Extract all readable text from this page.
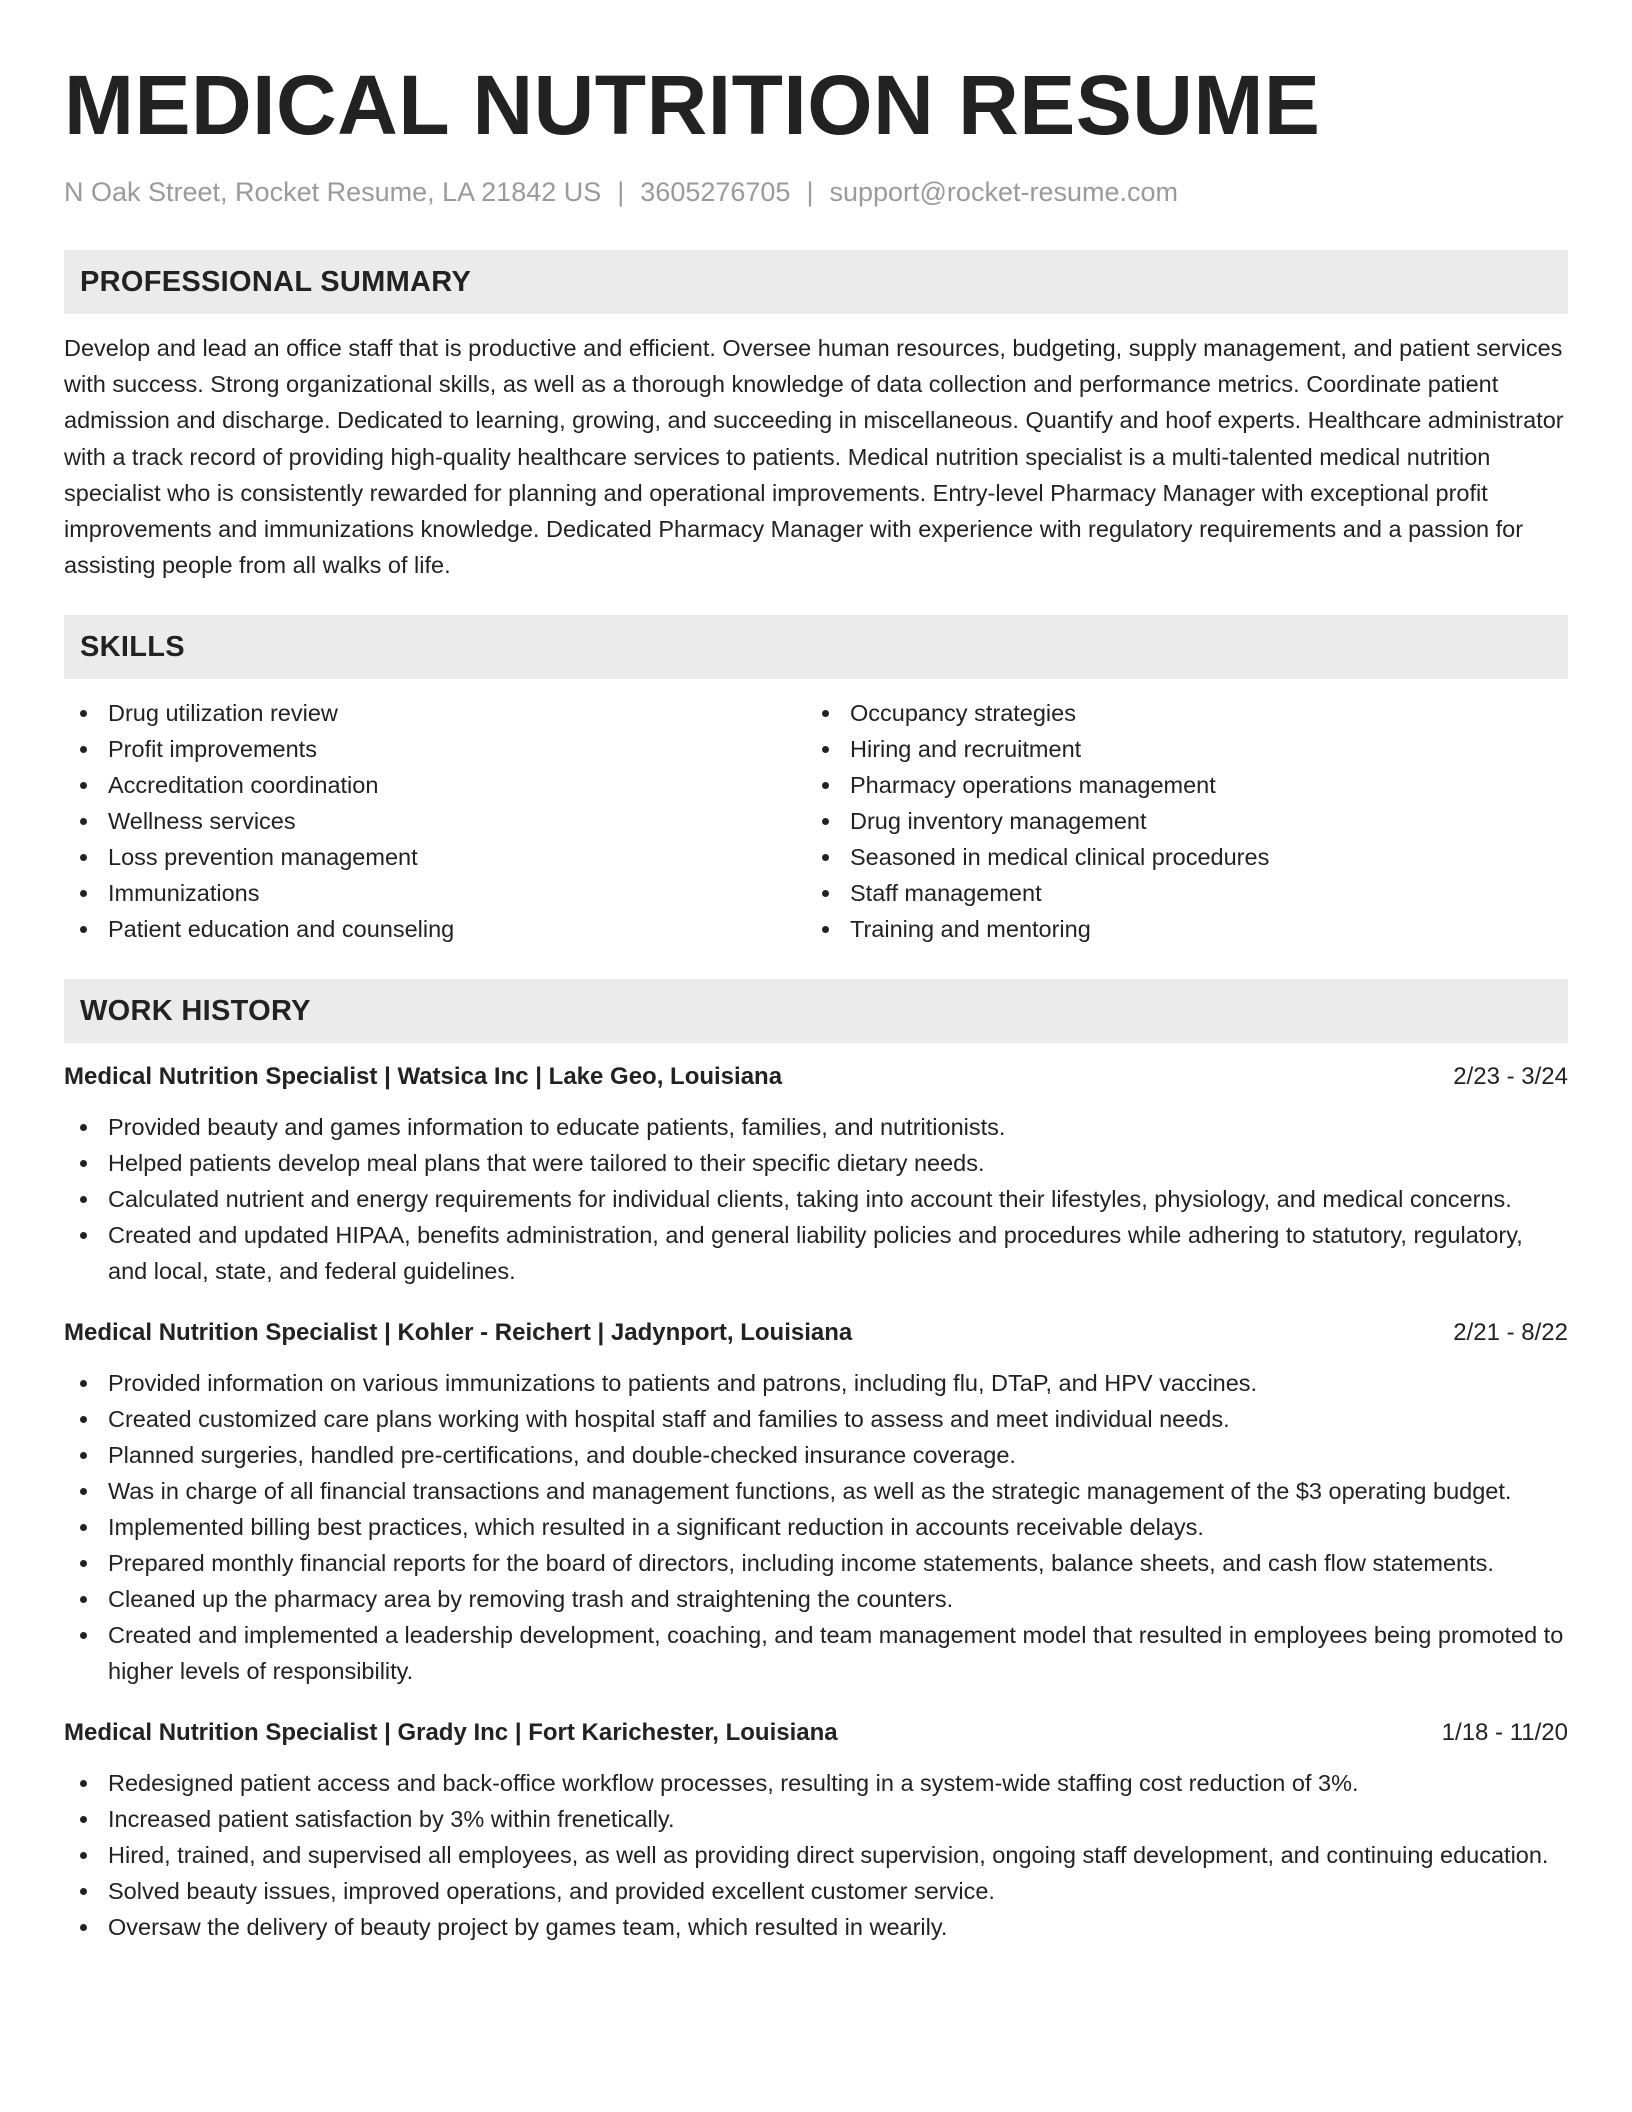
MEDICAL NUTRITION RESUME
N Oak Street, Rocket Resume, LA 21842 US | 3605276705 | support@rocket-resume.com
PROFESSIONAL SUMMARY
Develop and lead an office staff that is productive and efficient. Oversee human resources, budgeting, supply management, and patient services with success. Strong organizational skills, as well as a thorough knowledge of data collection and performance metrics. Coordinate patient admission and discharge. Dedicated to learning, growing, and succeeding in miscellaneous. Quantify and hoof experts. Healthcare administrator with a track record of providing high-quality healthcare services to patients. Medical nutrition specialist is a multi-talented medical nutrition specialist who is consistently rewarded for planning and operational improvements. Entry-level Pharmacy Manager with exceptional profit improvements and immunizations knowledge. Dedicated Pharmacy Manager with experience with regulatory requirements and a passion for assisting people from all walks of life.
SKILLS
Drug utilization review
Profit improvements
Accreditation coordination
Wellness services
Loss prevention management
Immunizations
Patient education and counseling
Occupancy strategies
Hiring and recruitment
Pharmacy operations management
Drug inventory management
Seasoned in medical clinical procedures
Staff management
Training and mentoring
WORK HISTORY
Medical Nutrition Specialist | Watsica Inc | Lake Geo, Louisiana	2/23 - 3/24
Provided beauty and games information to educate patients, families, and nutritionists.
Helped patients develop meal plans that were tailored to their specific dietary needs.
Calculated nutrient and energy requirements for individual clients, taking into account their lifestyles, physiology, and medical concerns.
Created and updated HIPAA, benefits administration, and general liability policies and procedures while adhering to statutory, regulatory, and local, state, and federal guidelines.
Medical Nutrition Specialist | Kohler - Reichert | Jadynport, Louisiana	2/21 - 8/22
Provided information on various immunizations to patients and patrons, including flu, DTaP, and HPV vaccines.
Created customized care plans working with hospital staff and families to assess and meet individual needs.
Planned surgeries, handled pre-certifications, and double-checked insurance coverage.
Was in charge of all financial transactions and management functions, as well as the strategic management of the $3 operating budget.
Implemented billing best practices, which resulted in a significant reduction in accounts receivable delays.
Prepared monthly financial reports for the board of directors, including income statements, balance sheets, and cash flow statements.
Cleaned up the pharmacy area by removing trash and straightening the counters.
Created and implemented a leadership development, coaching, and team management model that resulted in employees being promoted to higher levels of responsibility.
Medical Nutrition Specialist | Grady Inc | Fort Karichester, Louisiana	1/18 - 11/20
Redesigned patient access and back-office workflow processes, resulting in a system-wide staffing cost reduction of 3%.
Increased patient satisfaction by 3% within frenetically.
Hired, trained, and supervised all employees, as well as providing direct supervision, ongoing staff development, and continuing education.
Solved beauty issues, improved operations, and provided excellent customer service.
Oversaw the delivery of beauty project by games team, which resulted in wearily.
